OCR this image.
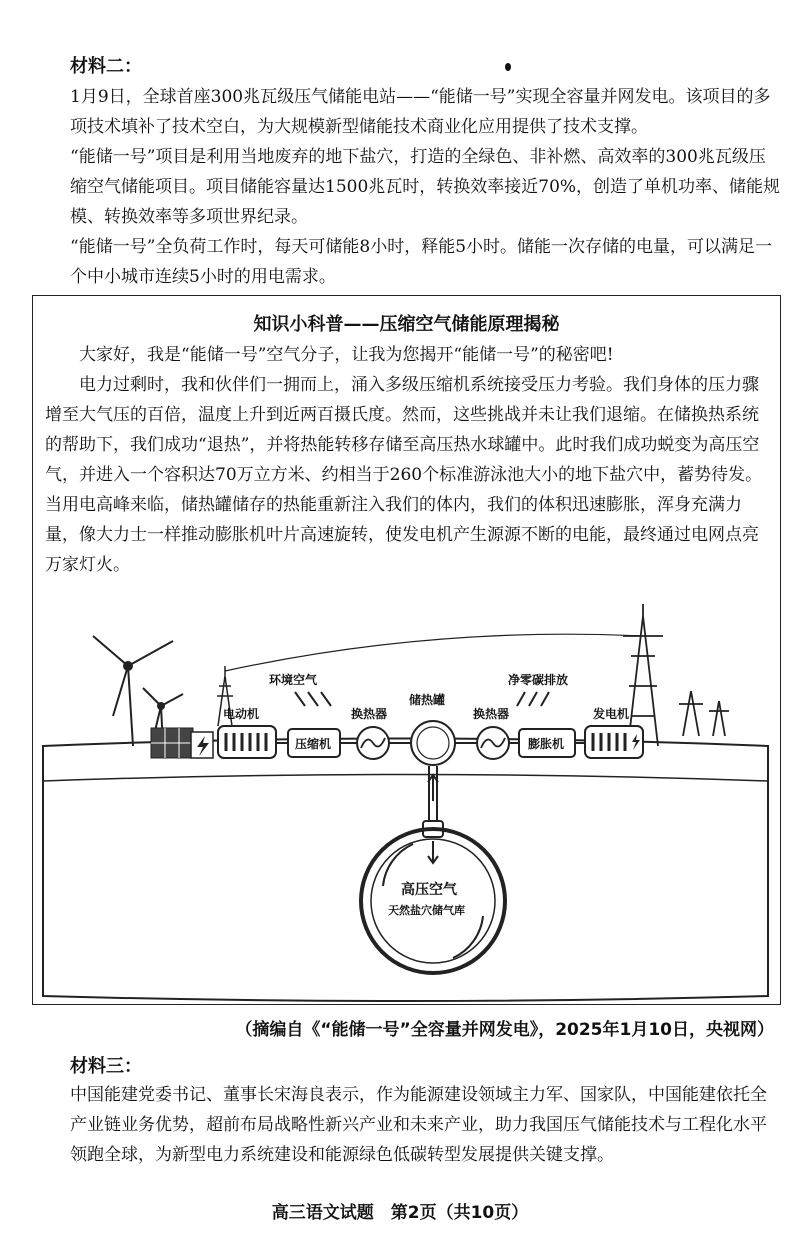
材料二：

1月9日，全球首座300兆瓦级压气储能电站——“能储一号”实现全容量并网发电。该项目的多项技术填补了技术空白，为大规模新型储能技术商业化应用提供了技术支撑。

“能储一号”项目是利用当地废弃的地下盐穴，打造的全绿色、非补燃、高效率的300兆瓦级压缩空气储能项目。项目储能容量达1500兆瓦时，转换效率接近70%，创造了单机功率、储能规模、转换效率等多项世界纪录。

“能储一号”全负荷工作时，每天可储能8小时，释能5小时。储能一次存储的电量，可以满足一个中小城市连续5小时的用电需求。

知识小科普——压缩空气储能原理揭秘

大家好，我是“能储一号”空气分子，让我为您揭开“能储一号”的秘密吧!

电力过剩时，我和伙伴们一拥而上，涌入多级压缩机系统接受压力考验。我们身体的压力骤增至大气压的百倍，温度上升到近两百摄氏度。然而，这些挑战并未让我们退缩。在储换热系统的帮助下，我们成功“退热”，并将热能转移存储至高压热水球罐中。此时我们成功蜕变为高压空气，并进入一个容积达70万立方米、约相当于260个标准游泳池大小的地下盐穴中，蓄势待发。当用电高峰来临，储热罐储存的热能重新注入我们的体内，我们的体积迅速膨胀，浑身充满力量，像大力士一样推动膨胀机叶片高速旋转，使发电机产生源源不断的电能，最终通过电网点亮万家灯火。

电动机
环境空气
压缩机
换热器
储热罐
换热器
净零碳排放
膨胀机
发电机
高压空气
天然盐穴储气库
（摘编自《“能储一号”全容量并网发电》，2025年1月10日，央视网）
材料三：

中国能建党委书记、董事长宋海良表示，作为能源建设领域主力军、国家队，中国能建依托全产业链业务优势，超前布局战略性新兴产业和未来产业，助力我国压气储能技术与工程化水平领跑全球，为新型电力系统建设和能源绿色低碳转型发展提供关键支撑。

高三语文试题　第2页（共10页）
